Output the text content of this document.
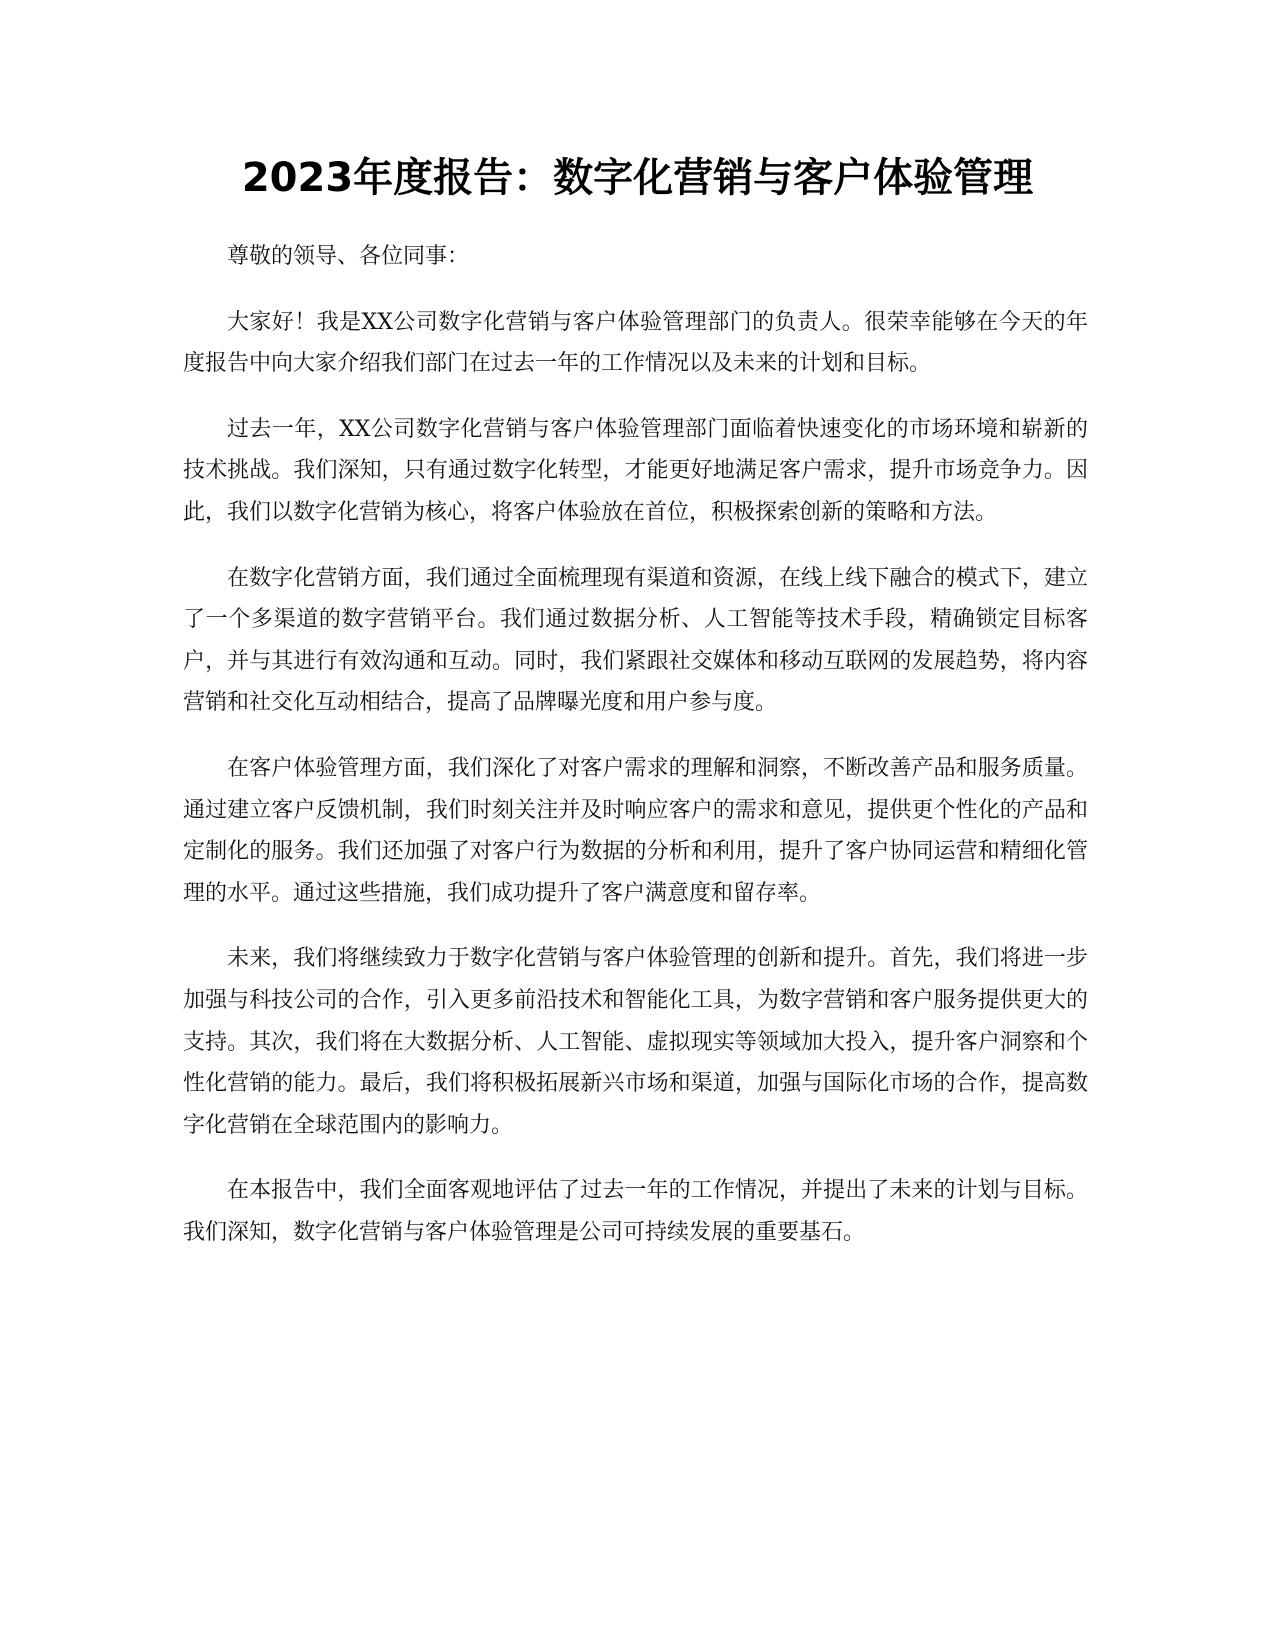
2023年度报告：数字化营销与客户体验管理

尊敬的领导、各位同事：

大家好！我是XX公司数字化营销与客户体验管理部门的负责人。很荣幸能够在今天的年度报告中向大家介绍我们部门在过去一年的工作情况以及未来的计划和目标。

过去一年，XX公司数字化营销与客户体验管理部门面临着快速变化的市场环境和崭新的技术挑战。我们深知，只有通过数字化转型，才能更好地满足客户需求，提升市场竞争力。因此，我们以数字化营销为核心，将客户体验放在首位，积极探索创新的策略和方法。

在数字化营销方面，我们通过全面梳理现有渠道和资源，在线上线下融合的模式下，建立了一个多渠道的数字营销平台。我们通过数据分析、人工智能等技术手段，精确锁定目标客户，并与其进行有效沟通和互动。同时，我们紧跟社交媒体和移动互联网的发展趋势，将内容营销和社交化互动相结合，提高了品牌曝光度和用户参与度。

在客户体验管理方面，我们深化了对客户需求的理解和洞察，不断改善产品和服务质量。通过建立客户反馈机制，我们时刻关注并及时响应客户的需求和意见，提供更个性化的产品和定制化的服务。我们还加强了对客户行为数据的分析和利用，提升了客户协同运营和精细化管理的水平。通过这些措施，我们成功提升了客户满意度和留存率。

未来，我们将继续致力于数字化营销与客户体验管理的创新和提升。首先，我们将进一步加强与科技公司的合作，引入更多前沿技术和智能化工具，为数字营销和客户服务提供更大的支持。其次，我们将在大数据分析、人工智能、虚拟现实等领域加大投入，提升客户洞察和个性化营销的能力。最后，我们将积极拓展新兴市场和渠道，加强与国际化市场的合作，提高数字化营销在全球范围内的影响力。

在本报告中，我们全面客观地评估了过去一年的工作情况，并提出了未来的计划与目标。我们深知，数字化营销与客户体验管理是公司可持续发展的重要基石。
